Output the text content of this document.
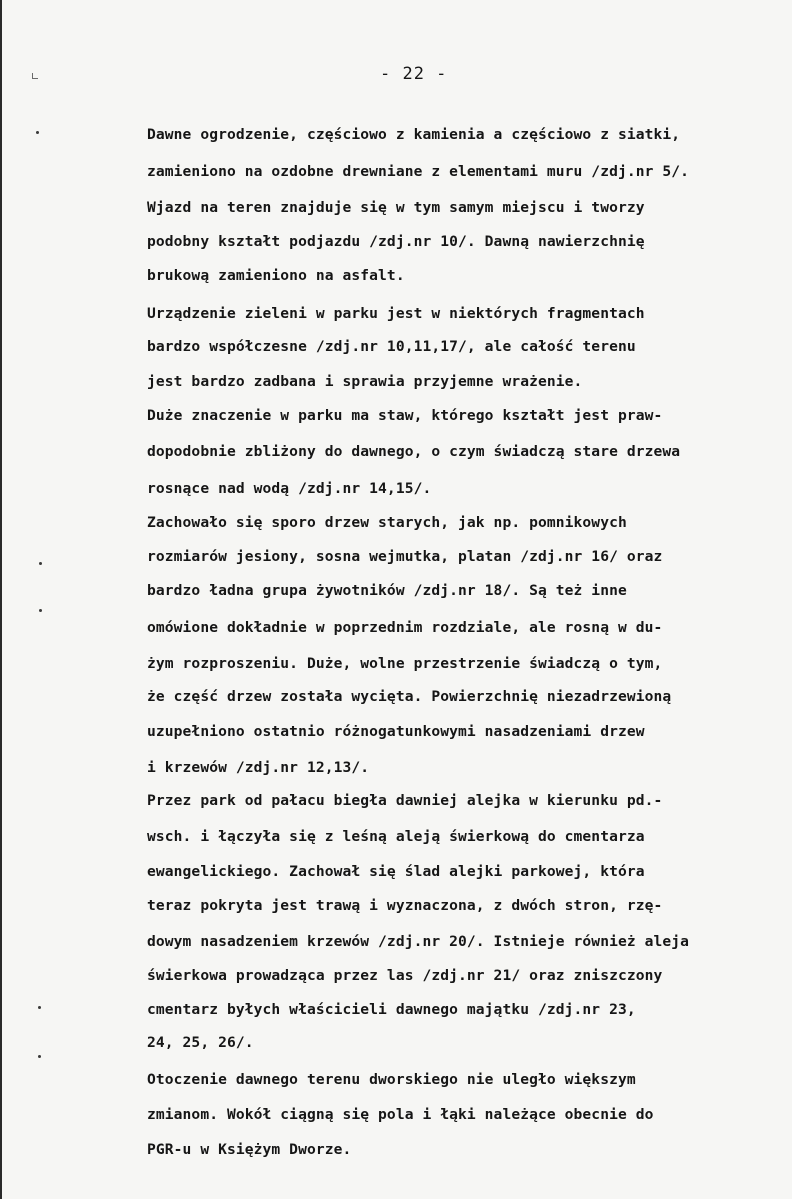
- 22 -
Dawne ogrodzenie, częściowo z kamienia a częściowo z siatki,
zamieniono na ozdobne drewniane z elementami muru /zdj.nr 5/.
Wjazd na teren znajduje się w tym samym miejscu i tworzy
podobny kształt podjazdu /zdj.nr 10/. Dawną nawierzchnię
brukową zamieniono na asfalt.
Urządzenie zieleni w parku jest w niektórych fragmentach
bardzo współczesne /zdj.nr 10,11,17/, ale całość terenu
jest bardzo zadbana i sprawia przyjemne wrażenie.
Duże znaczenie w parku ma staw, którego kształt jest praw-
dopodobnie zbliżony do dawnego, o czym świadczą stare drzewa
rosnące nad wodą /zdj.nr 14,15/.
Zachowało się sporo drzew starych, jak np. pomnikowych
rozmiarów jesiony, sosna wejmutka, platan /zdj.nr 16/ oraz
bardzo ładna grupa żywotników /zdj.nr 18/. Są też inne
omówione dokładnie w poprzednim rozdziale, ale rosną w du-
żym rozproszeniu. Duże, wolne przestrzenie świadczą o tym,
że część drzew została wycięta. Powierzchnię niezadrzewioną
uzupełniono ostatnio różnogatunkowymi nasadzeniami drzew
i krzewów /zdj.nr 12,13/.
Przez park od pałacu biegła dawniej alejka w kierunku pd.-
wsch. i łączyła się z leśną aleją świerkową do cmentarza
ewangelickiego. Zachował się ślad alejki parkowej, która
teraz pokryta jest trawą i wyznaczona, z dwóch stron, rzę-
dowym nasadzeniem krzewów /zdj.nr 20/. Istnieje również aleja
świerkowa prowadząca przez las /zdj.nr 21/ oraz zniszczony
cmentarz byłych właścicieli dawnego majątku /zdj.nr 23,
24, 25, 26/.
Otoczenie dawnego terenu dworskiego nie uległo większym
zmianom. Wokół ciągną się pola i łąki należące obecnie do
PGR-u w Księżym Dworze.
